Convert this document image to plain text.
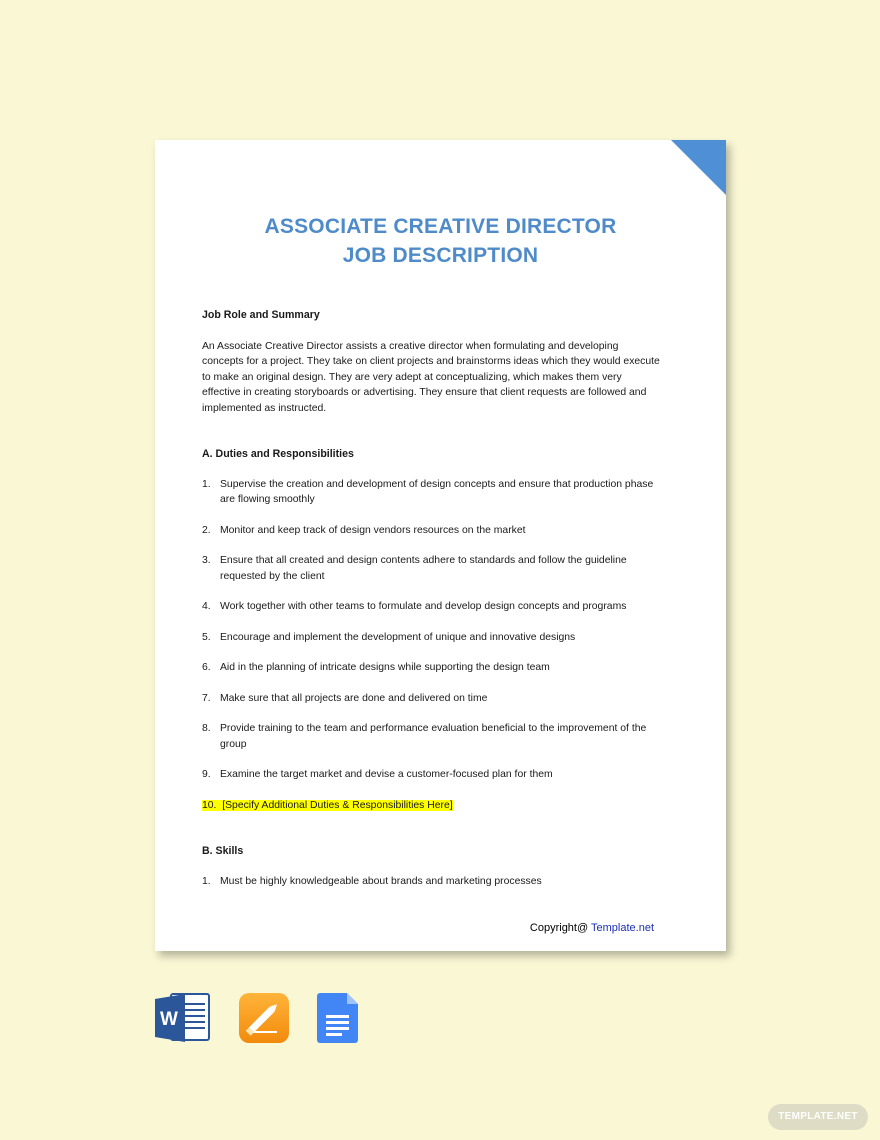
ASSOCIATE CREATIVE DIRECTOR
JOB DESCRIPTION
Job Role and Summary
An Associate Creative Director assists a creative director when formulating and developing concepts for a project. They take on client projects and brainstorms ideas which they would execute to make an original design. They are very adept at conceptualizing, which makes them very effective in creating storyboards or advertising. They ensure that client requests are followed and implemented as instructed.
A. Duties and Responsibilities
1. Supervise the creation and development of design concepts and ensure that production phase are flowing smoothly
2. Monitor and keep track of design vendors resources on the market
3. Ensure that all created and design contents adhere to standards and follow the guideline requested by the client
4. Work together with other teams to formulate and develop design concepts and programs
5. Encourage and implement the development of unique and innovative designs
6. Aid in the planning of intricate designs while supporting the design team
7. Make sure that all projects are done and delivered on time
8. Provide training to the team and performance evaluation beneficial to the improvement of the group
9. Examine the target market and devise a customer-focused plan for them
10. [Specify Additional Duties & Responsibilities Here]
B. Skills
1. Must be highly knowledgeable about brands and marketing processes
Copyright@ Template.net
W
TEMPLATE.NET
